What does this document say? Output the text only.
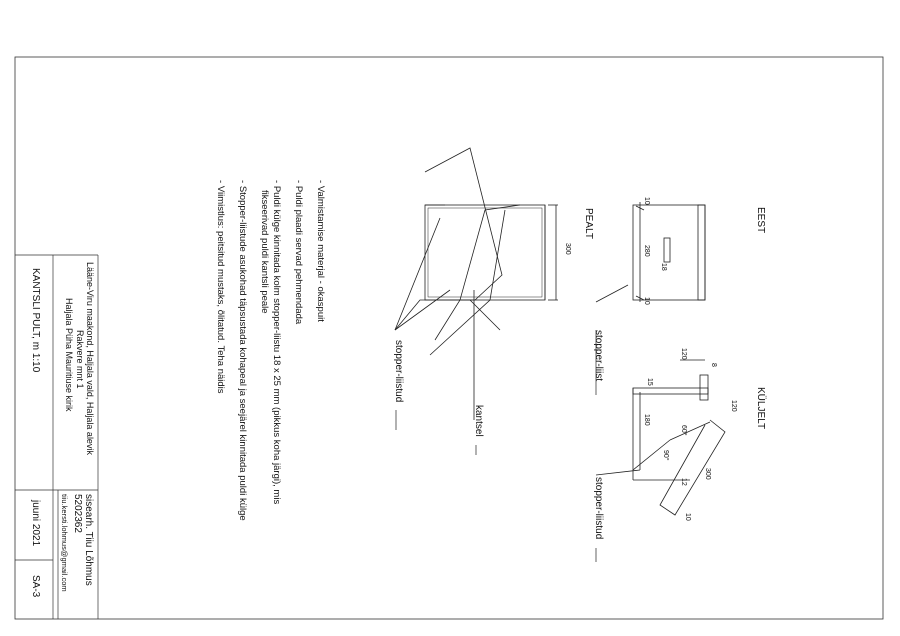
Lääne-Viru maakond, Haljala vald, Haljala alevik
Rakvere mnt 1
Haljala Püha Mauritiuse kirik
KANTSLI PULT, m 1:10
sisearh. Tiiu Lõhmus
5202362
tiiu.kersti.lohmus@gmail.com
juuni 2021
SA-3
- Valmistamise materjal - okaspuit
- Puldi plaadi servad pehmendada
- Puldi külge kinnitada kolm stopper-liistu 18 x 25 mm (pikkus koha järgi), mis
fikseerivad puldi kantsli peale
- Stopper-liistude asukohad täpsustada kohapeal ja seejärel kinnitada puldi külge
- Viimistlus: peitsitud mustaks, õlitatud. Teha näidis	10
280
18
10
EEST
stopper-liist	120
8
15
120
180
60°
90°
300
12
10
KÜLJELT
stopper-liistud
300
PEALT
stopper-liistud
kantsel
